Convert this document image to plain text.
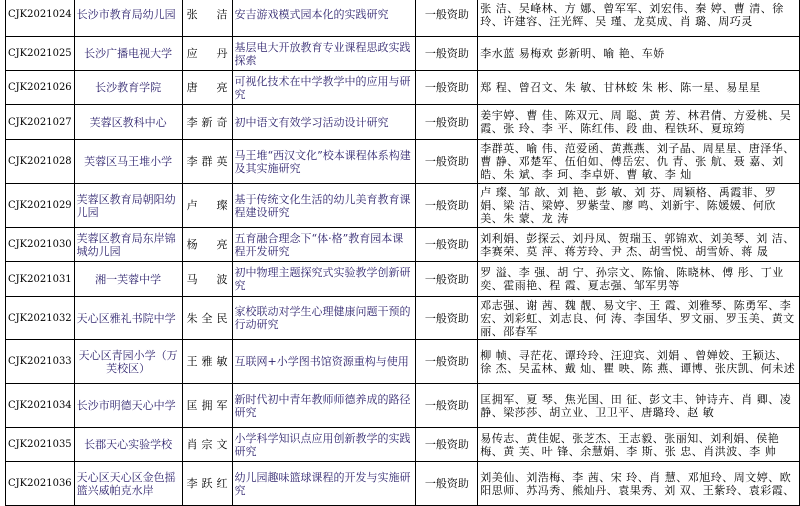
CJK2021024	长沙市教育局幼儿园	张 洁	安吉游戏模式园本化的实践研究	一般资助	张 洁、吴峰林、方 娜、曾军军、刘宏伟、秦 婷、曹 清、徐玲、许建容、汪光辉、吴 瑾、龙莫成、肖 璐、周巧灵
CJK2021025	长沙广播电视大学	应 丹	基层电大开放教育专业课程思政实践探索	一般资助	李水蓝 易梅欢 彭新明、喻 艳、车娇
CJK2021026	长沙教育学院	唐 亮	可视化技术在中学教学中的应用与研究	一般资助	郑 程、曾召文、朱 敏、甘林蛟 朱 彬、陈一星、易星星
CJK2021027	芙蓉区教科中心	李新奇	初中语文有效学习活动设计研究	一般资助	姜宇婷、曹 佳、陈双元、周 聪、黄 芳、林君倩、方爱桃、吴霞、张 玲、李 平、陈红伟、段 曲、程铁环、夏琼筠
CJK2021028	芙蓉区马王堆小学	李群英	马王堆“西汉文化”校本课程体系构建及其实施研究	一般资助	李群英、喻 伟、范爱函、黄燕燕、刘子晶、周星星、唐泽华、曹 静、邓楚军、伍伯如、傅岳宏、仇 青、张 航、聂 嘉、刘 皓、朱 斌、李 珂、李卓妍、曹 敏、李 灿
CJK2021029	芙蓉区教育局朝阳幼儿园	卢 璨	基于传统文化生活的幼儿美育教育课程建设研究	一般资助	卢 璨、邹 歆、刘 艳、彭 敏、刘 芬、周颖格、禹霞菲、罗 娟、梁 洁、梁婷、罗紫莹、廖 鸣、刘新宇、陈媛媛、何欣美、朱 蒙、龙 涛
CJK2021030	芙蓉区教育局东岸锦城幼儿园	杨 亮	五育融合理念下“体·格”教育园本课程开发研究	一般资助	刘利娟、彭探云、刘丹凤、贺瑞玉、郭锦欢、刘美琴、刘 洁、李赛荣、莫 萍、蒋芳玲、尹 杰、胡雪悦、胡雪娇、蒋 晟
CJK2021031	湘一芙蓉中学	马 波	初中物理主题探究式实验教学创新研究	一般资助	罗 溢、李 强、胡 宁、孙宗文、陈愉、陈晓林、傅 彤、丁业奕、霍雨艳、程 霞、夏志强、邹军男等
CJK2021032	天心区雅礼书院中学	朱全民	家校联动对学生心理健康问题干预的行动研究	一般资助	邓志强、谢 茜、魏 靓、易文宇、王 霞、刘雅琴、陈勇军、李宏、刘彩虹、刘志良、何 涛、李国华、罗文丽、罗玉美、黄文丽、邵春军
CJK2021033	天心区青园小学（万芙校区）	王雅敏	互联网+小学图书馆资源重构与使用	一般资助	柳 帧、寻茫花、谭玲玲、汪迎宾、刘娟 、曾婵姣、王颖达、徐 杰、吴孟林、戴 灿、瞿 映、陈 燕、谭博、张庆凯、何未述
CJK2021034	长沙市明德天心中学	匡拥军	新时代初中青年教师师德养成的路径研究	一般资助	匡拥军、夏 琴、焦光国、田 征、彭文丰、钟诗卉、肖 卿、凌 静、梁莎莎、胡立业、卫卫平、唐璐玲、赵 敏
CJK2021035	长郡天心实验学校	肖宗文	小学科学知识点应用创新教学的实践研究	一般资助	易传志、黄佳妮、张芝杰、王志毅、张丽知、刘利娟、侯艳梅、黄 芙、叶 锋、余慧娟、李 斯、张 忠、肖洪波、李 帅
CJK2021036	天心区天心区金色摇篮兴威帕克水岸	李跃红	幼儿园趣味篮球课程的开发与实施研究	一般资助	刘美仙、刘浩梅、李 茜、宋 玲、肖 慧、邓旭玲、周文婷、欧阳思师、苏冯秀、熊灿丹、袁果秀、刘 双、王紫玲、袁彩霞、
